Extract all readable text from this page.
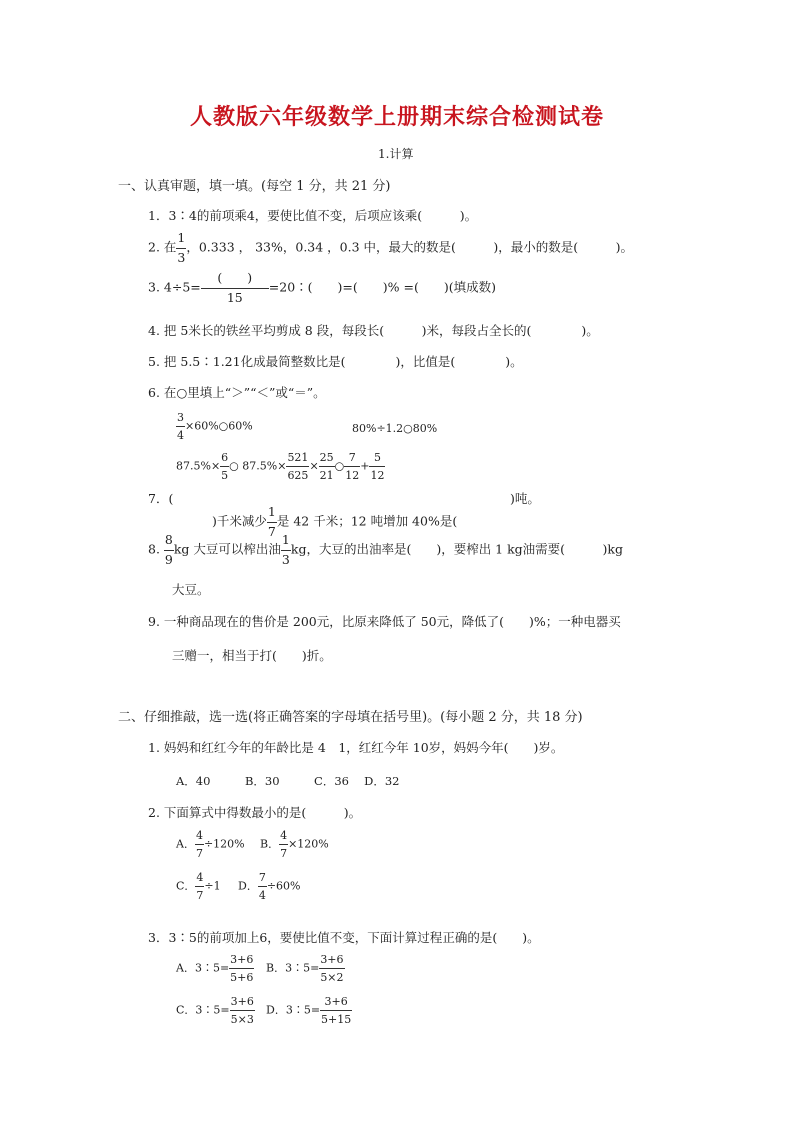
人教版六年级数学上册期末综合检测试卷
1.计算
一、认真审题，填一填。(每空 1 分，共 21 分)
1．3∶4的前项乘4，要使比值不变，后项应该乘(　　　)。
2. 在 $\frac{1}{3}$ ，0.333 ， 33%，0.34 ，0.3 中，最大的数是(　　　)，最小的数是(　　　)。
3. 4÷5=
(　　)
15
=20∶(　　)=(　　)% =(　　)(填成数)
4. 把 5米长的铁丝平均剪成 8 段，每段长(　　　)米，每段占全长的(　　　　)。
5. 把 5.5∶1.21化成最简整数比是(　　　　)，比值是(　　　　)。
6. 在○里填上“＞”“＜”或“＝”。
$\frac{3}{4}$ ×60%○60%	80%÷1.2○80%
$87.5\%\times \frac{6}{5}$ ○ $87.5\%\times \frac{521}{625} \times \frac{25}{21}$ ○ $\frac{7}{12} + \frac{5}{12}$
7．(
)千米减少 $\frac{1}{7}$ 是 42 千米；12 吨增加 40%是(
)吨。
8. $\frac{8}{9}$ kg 大豆可以榨出油 $\frac{1}{3}$ kg，大豆的出油率是(　　)，要榨出 1 kg油需要(　　　)kg
大豆。
9. 一种商品现在的售价是 200元，比原来降低了 50元，降低了(　　)%；一种电器买
三赠一，相当于打(　　)折。
二、仔细推敲，选一选(将正确答案的字母填在括号里)。(每小题 2 分，共 18 分)
1. 妈妈和红红今年的年龄比是 4　1，红红今年 10岁，妈妈今年(　　)岁。
A．40　　　B．30　　　C．36　 D．32
2. 下面算式中得数最小的是(　　　)。
A． $\frac{4}{7} \div 120\%$ B． $\frac{4}{7} \times 120\%$
C． $\frac{4}{7} \div 1$ D． $\frac{7}{4} \div 60\%$
3．3∶5的前项加上6，要使比值不变，下面计算过程正确的是(　　)。
A．3∶5= $\frac{3+6}{5+6}$ B．3∶5= $\frac{3+6}{5\times 2}$
C．3∶5= $\frac{3+6}{5\times 3}$ D．3∶5= $\frac{3+6}{5+15}$
